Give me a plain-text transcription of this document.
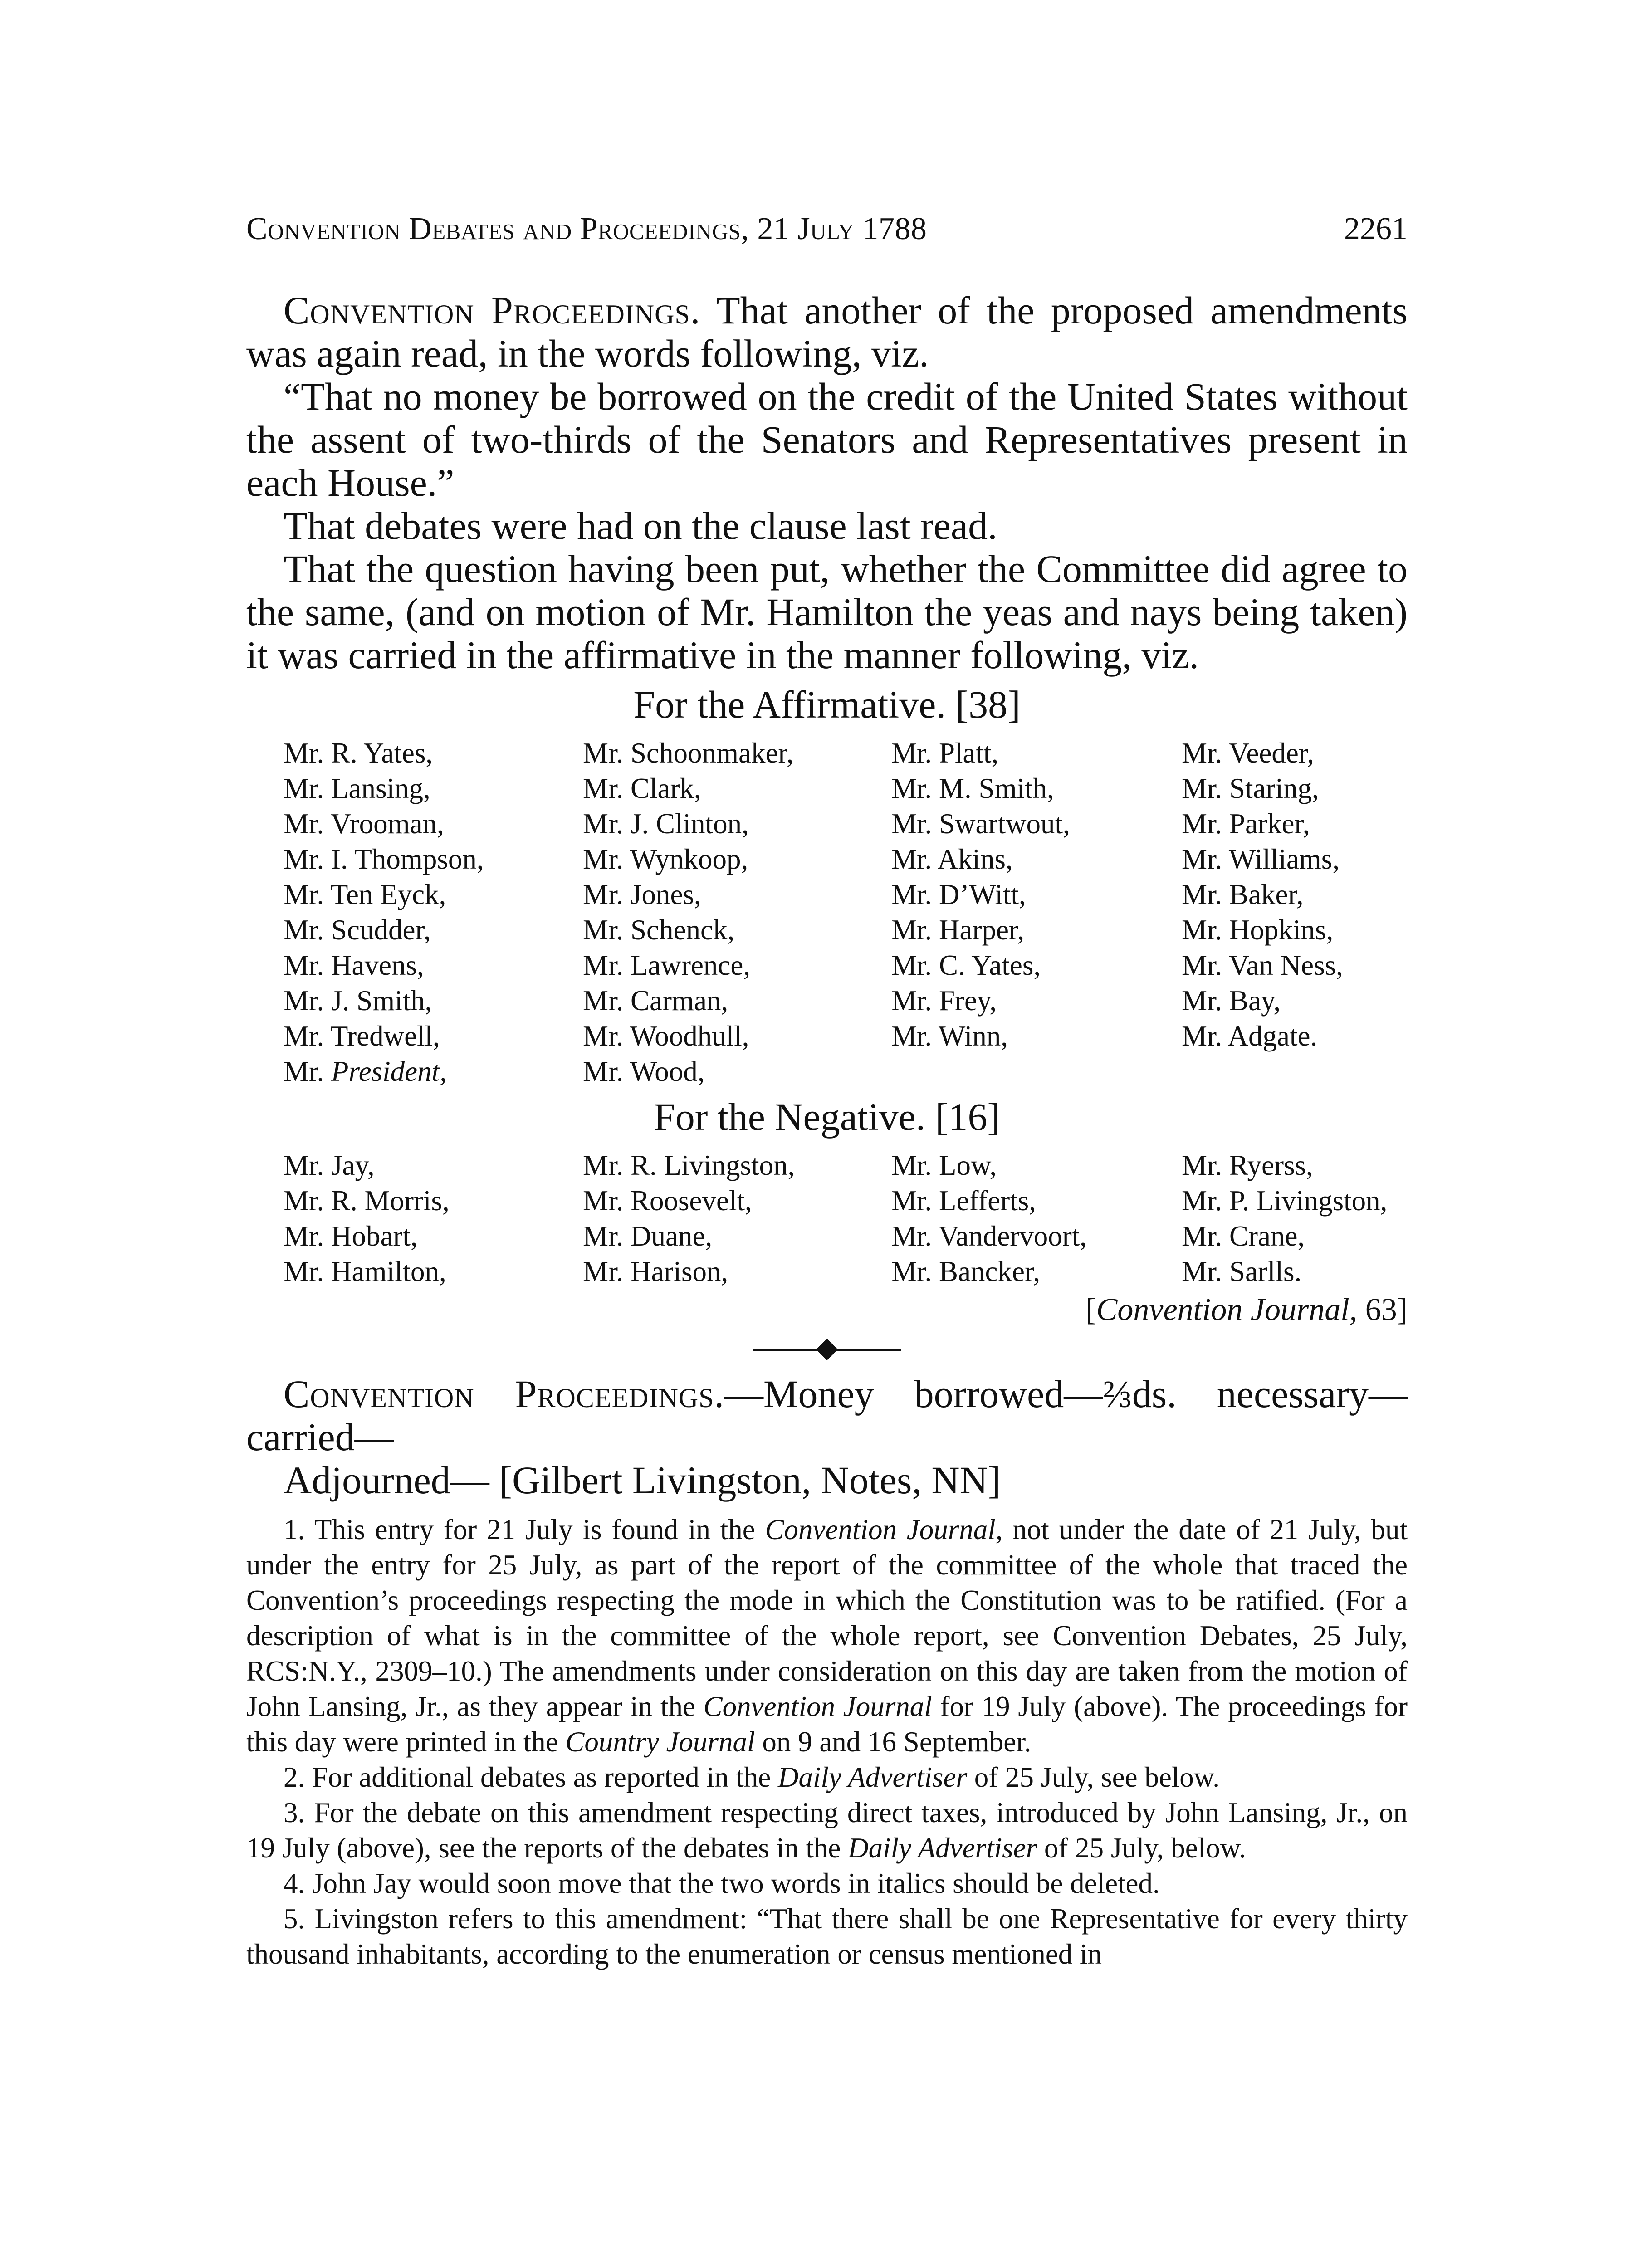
Convention Debates and Proceedings, 21 July 1788	2261

Convention Proceedings. That another of the proposed amendments was again read, in the words following, viz.

“That no money be borrowed on the credit of the United States without the assent of two-thirds of the Senators and Representatives present in each House.”

That debates were had on the clause last read.

That the question having been put, whether the Committee did agree to the same, (and on motion of Mr. Hamilton the yeas and nays being taken) it was carried in the affirmative in the manner following, viz.

For the Affirmative. [38]
Mr. R. Yates,
Mr. Lansing,
Mr. Vrooman,
Mr. I. Thompson,
Mr. Ten Eyck,
Mr. Scudder,
Mr. Havens,
Mr. J. Smith,
Mr. Tredwell,
Mr. President,
Mr. Schoonmaker,
Mr. Clark,
Mr. J. Clinton,
Mr. Wynkoop,
Mr. Jones,
Mr. Schenck,
Mr. Lawrence,
Mr. Carman,
Mr. Woodhull,
Mr. Wood,
Mr. Platt,
Mr. M. Smith,
Mr. Swartwout,
Mr. Akins,
Mr. D’Witt,
Mr. Harper,
Mr. C. Yates,
Mr. Frey,
Mr. Winn,
Mr. Veeder,
Mr. Staring,
Mr. Parker,
Mr. Williams,
Mr. Baker,
Mr. Hopkins,
Mr. Van Ness,
Mr. Bay,
Mr. Adgate.
For the Negative. [16]
Mr. Jay,
Mr. R. Morris,
Mr. Hobart,
Mr. Hamilton,
Mr. R. Livingston,
Mr. Roosevelt,
Mr. Duane,
Mr. Harison,
Mr. Low,
Mr. Lefferts,
Mr. Vandervoort,
Mr. Bancker,
Mr. Ryerss,
Mr. P. Livingston,
Mr. Crane,
Mr. Sarlls.
[Convention Journal, 63]

Convention Proceedings.—Money borrowed—⅔ds. necessary—carried—

Adjourned— [Gilbert Livingston, Notes, NN]

1. This entry for 21 July is found in the Convention Journal, not under the date of 21 July, but under the entry for 25 July, as part of the report of the committee of the whole that traced the Convention’s proceedings respecting the mode in which the Constitution was to be ratified. (For a description of what is in the committee of the whole report, see Convention Debates, 25 July, RCS:N.Y., 2309–10.) The amendments under consideration on this day are taken from the motion of John Lansing, Jr., as they appear in the Convention Journal for 19 July (above). The proceedings for this day were printed in the Country Journal on 9 and 16 September.

2. For additional debates as reported in the Daily Advertiser of 25 July, see below.

3. For the debate on this amendment respecting direct taxes, introduced by John Lansing, Jr., on 19 July (above), see the reports of the debates in the Daily Advertiser of 25 July, below.

4. John Jay would soon move that the two words in italics should be deleted.

5. Livingston refers to this amendment: “That there shall be one Representative for every thirty thousand inhabitants, according to the enumeration or census mentioned in
